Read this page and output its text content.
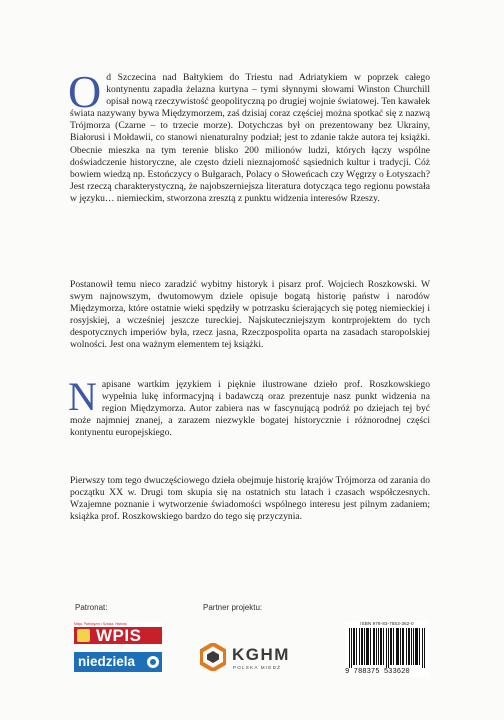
O d Szczecina nad Bałtykiem do Triestu nad Adriatykiem w poprzek całego kontynentu zapadła żelazna kurtyna – tymi słynnymi słowami Winston Churchill opisał nową rzeczywistość geopolityczną po drugiej wojnie światowej. Ten kawałek świata nazywany bywa Międzymorzem, zaś dzisiaj coraz częściej można spotkać się z nazwą Trójmorza (Czarne – to trzecie morze). Dotychczas był on prezentowany bez Ukrainy, Białorusi i Mołdawii, co stanowi nienaturalny podział; jest to zdanie także autora tej książki. Obecnie mieszka na tym terenie blisko 200 milionów ludzi, których łączy wspólne doświadczenie historyczne, ale często dzieli nieznajomość sąsiednich kultur i tradycji. Cóż bowiem wiedzą np. Estończycy o Bułgarach, Polacy o Słoweńcach czy Węgrzy o Łotyszach? Jest rzeczą charakterystyczną, że najobszerniejsza literatura dotycząca tego regionu powstała w języku… niemieckim, stworzona zresztą z punktu widzenia interesów Rzeszy.
Postanowił temu nieco zaradzić wybitny historyk i pisarz prof. Wojciech Roszkowski. W swym najnowszym, dwutomowym dziele opisuje bogatą historię państw i narodów Międzymorza, które ostatnie wieki spędziły w potrzasku ścierających się potęg niemieckiej i rosyjskiej, a wcześniej jeszcze tureckiej. Najskuteczniejszym kontrprojektem do tych despotycznych imperiów była, rzecz jasna, Rzeczpospolita oparta na zasadach staropolskiej wolności. Jest ona ważnym elementem tej książki.
N apisane wartkim językiem i pięknie ilustrowane dzieło prof. Roszkowskiego wypełnia lukę informacyjną i badawczą oraz prezentuje nasz punkt widzenia na region Międzymorza. Autor zabiera nas w fascynującą podróż po dziejach tej być może najmniej znanej, a zarazem niezwykle bogatej historycznie i różnorodnej części kontynentu europejskiego.
Pierwszy tom tego dwuczęściowego dzieła obejmuje historię krajów Trójmorza od zarania do początku XX w. Drugi tom skupia się na ostatnich stu latach i czasach współczesnych. Wzajemne poznanie i wytworzenie świadomości wspólnego interesu jest pilnym zadaniem; książka prof. Roszkowskiego bardzo do tego się przyczynia.
Patronat:	Partner projektu:
Misja. Patriotyzm • Sztuka. Historia
WPIS
niedziela	KGHM
POLSKA MIEDŹ
ISBN 978-83-7553-362-0
9 788375 533620
